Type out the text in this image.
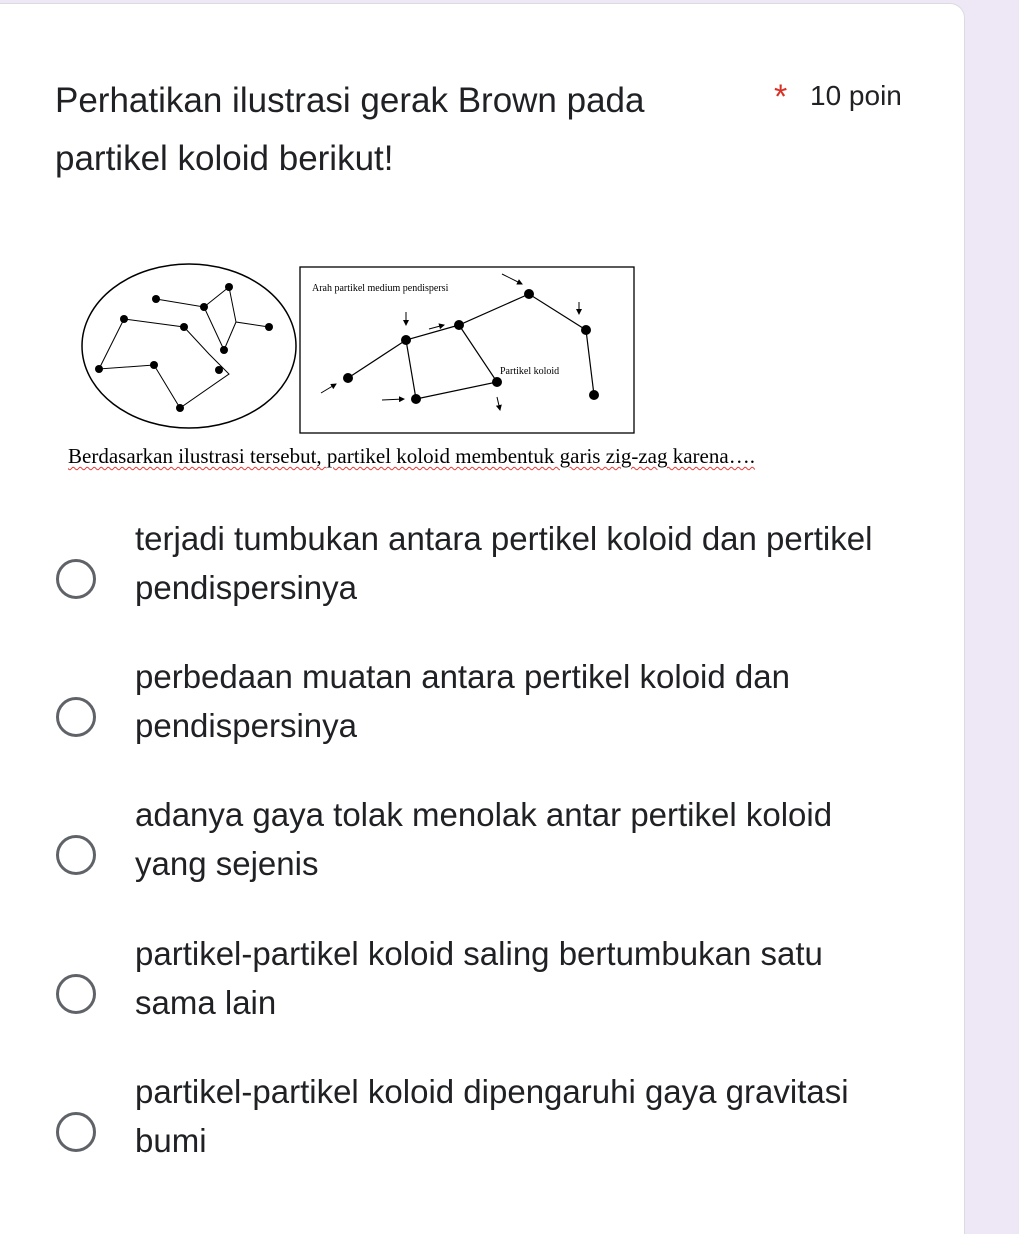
Perhatikan ilustrasi gerak Brown pada partikel koloid berikut!
* 10 poin
Arah partikel medium pendispersi
Partikel koloid
Berdasarkan ilustrasi tersebut, partikel koloid membentuk garis zig-zag karena….
terjadi tumbukan antara pertikel koloid dan pertikel pendispersinya
perbedaan muatan antara pertikel koloid dan pendispersinya
adanya gaya tolak menolak antar pertikel koloid yang sejenis
partikel-partikel koloid saling bertumbukan satu sama lain
partikel-partikel koloid dipengaruhi gaya gravitasi bumi
